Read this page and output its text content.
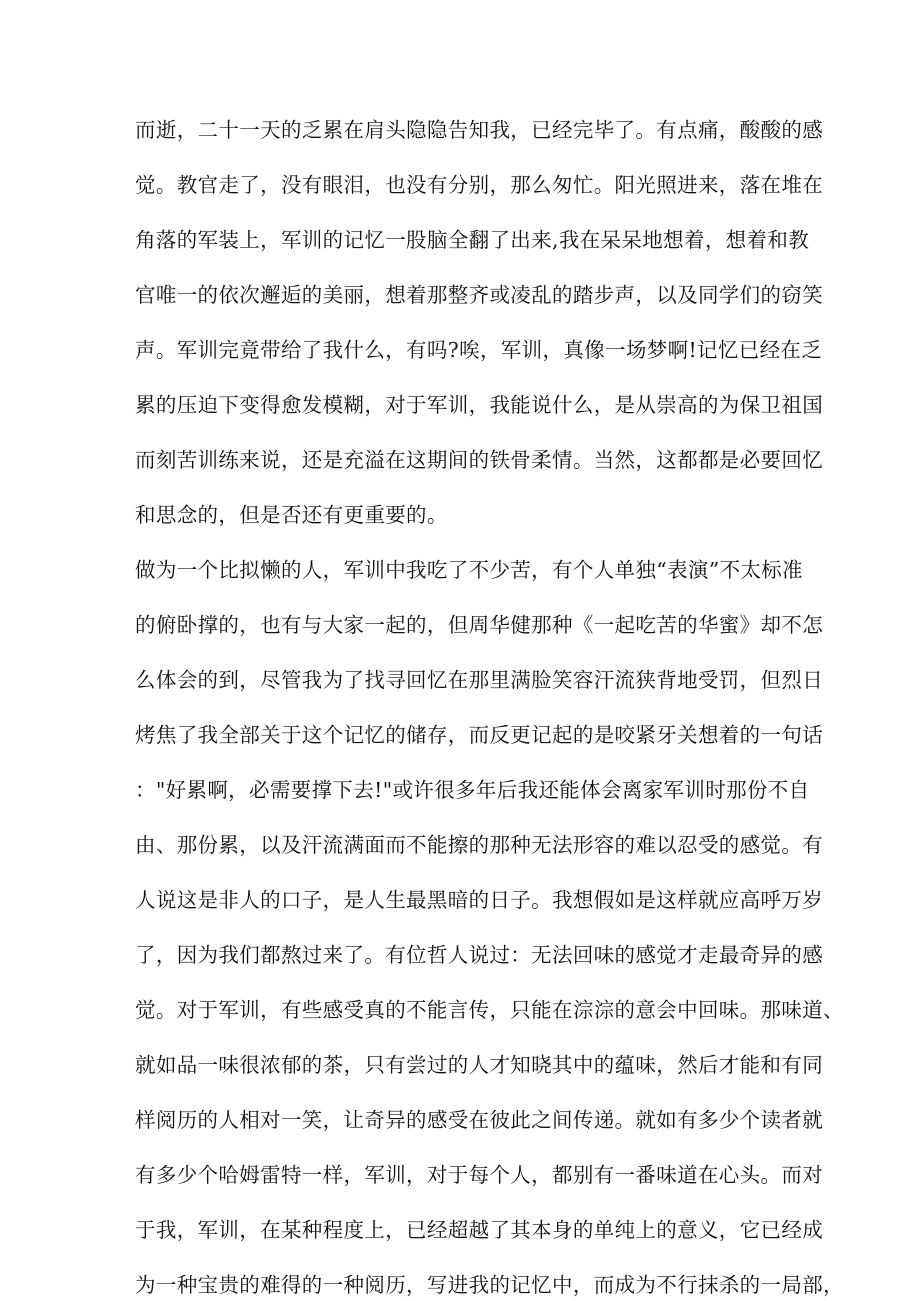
而逝，二十一天的乏累在肩头隐隐告知我，已经完毕了。有点痛，酸酸的感
觉。教官走了，没有眼泪，也没有分别，那么匆忙。阳光照进来，落在堆在
角落的军装上，军训的记忆一股脑全翻了出来,我在呆呆地想着，想着和教
官唯一的依次邂逅的美丽，想着那整齐或凌乱的踏步声，以及同学们的窃笑
声。军训完竟带给了我什么，有吗?唉，军训，真像一场梦啊!记忆已经在乏
累的压迫下变得愈发模糊，对于军训，我能说什么，是从崇高的为保卫祖国
而刻苦训练来说，还是充溢在这期间的铁骨柔情。当然，这都都是必要回忆
和思念的，但是否还有更重要的。
做为一个比拟懒的人，军训中我吃了不少苦，有个人单独“表演”不太标准
的俯卧撑的，也有与大家一起的，但周华健那种《一起吃苦的华蜜》却不怎
么体会的到，尽管我为了找寻回忆在那里满脸笑容汗流狭背地受罚，但烈日
烤焦了我全部关于这个记忆的储存，而反更记起的是咬紧牙关想着的一句话
："好累啊，必需要撑下去!"或许很多年后我还能体会离家军训时那份不自
由、那份累，以及汗流满面而不能擦的那种无法形容的难以忍受的感觉。有
人说这是非人的口子，是人生最黑暗的日子。我想假如是这样就应高呼万岁
了，因为我们都熬过来了。有位哲人说过：无法回味的感觉才走最奇异的感
觉。对于军训，有些感受真的不能言传，只能在淙淙的意会中回味。那味道、
就如品一味很浓郁的茶，只有尝过的人才知晓其中的蕴味，然后才能和有同
样阅历的人相对一笑，让奇异的感受在彼此之间传递。就如有多少个读者就
有多少个哈姆雷特一样，军训，对于每个人，都别有一番味道在心头。而对
于我，军训，在某种程度上，已经超越了其本身的单纯上的意义，它已经成
为一种宝贵的难得的一种阅历，写进我的记忆中，而成为不行抹杀的一局部，
